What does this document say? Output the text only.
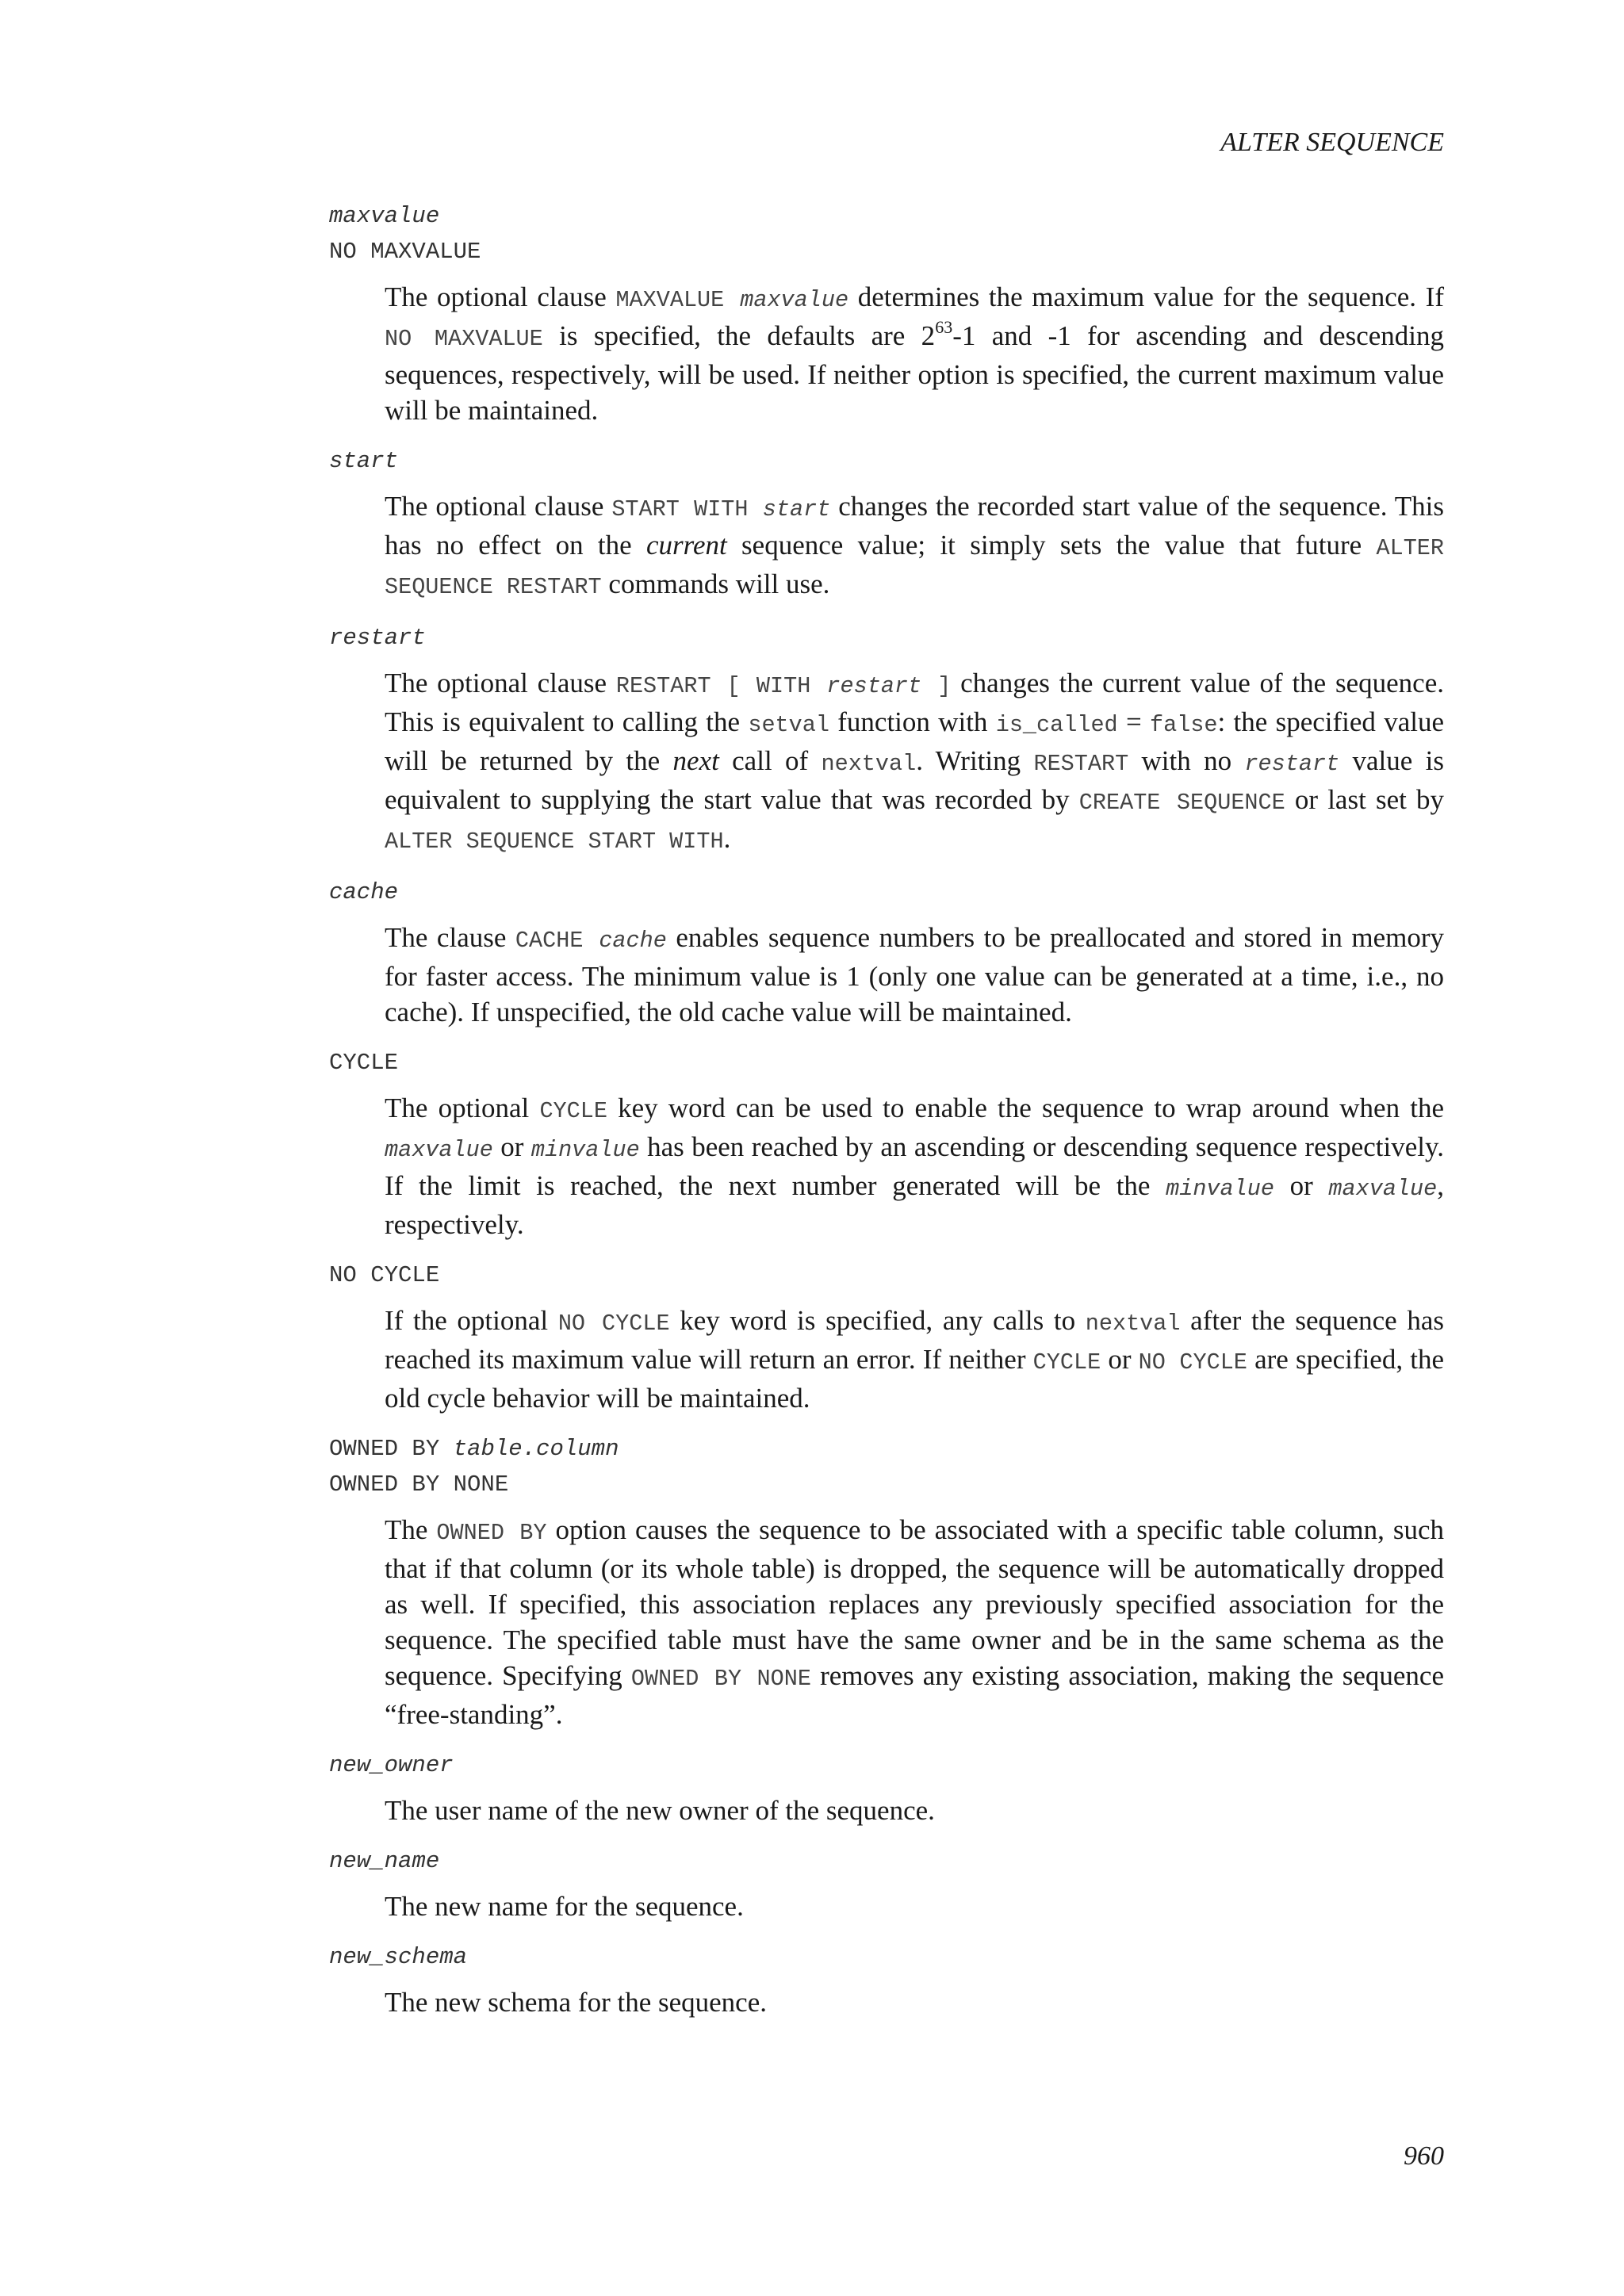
ALTER SEQUENCE
maxvalue
NO MAXVALUE
The optional clause MAXVALUE maxvalue determines the maximum value for the sequence. If NO MAXVALUE is specified, the defaults are $2^{63}-1$ and -1 for ascending and descending sequences, respectively, will be used. If neither option is specified, the current maximum value will be maintained.
start
The optional clause START WITH start changes the recorded start value of the sequence. This has no effect on the current sequence value; it simply sets the value that future ALTER SEQUENCE RESTART commands will use.
restart
The optional clause RESTART [ WITH restart ] changes the current value of the sequence. This is equivalent to calling the setval function with is_called = false: the specified value will be returned by the next call of nextval. Writing RESTART with no restart value is equivalent to supplying the start value that was recorded by CREATE SEQUENCE or last set by ALTER SEQUENCE START WITH.
cache
The clause CACHE cache enables sequence numbers to be preallocated and stored in memory for faster access. The minimum value is 1 (only one value can be generated at a time, i.e., no cache). If unspecified, the old cache value will be maintained.
CYCLE
The optional CYCLE key word can be used to enable the sequence to wrap around when the maxvalue or minvalue has been reached by an ascending or descending sequence respectively. If the limit is reached, the next number generated will be the minvalue or maxvalue, respectively.
NO CYCLE
If the optional NO CYCLE key word is specified, any calls to nextval after the sequence has reached its maximum value will return an error. If neither CYCLE or NO CYCLE are specified, the old cycle behavior will be maintained.
OWNED BY table.column
OWNED BY NONE
The OWNED BY option causes the sequence to be associated with a specific table column, such that if that column (or its whole table) is dropped, the sequence will be automatically dropped as well. If specified, this association replaces any previously specified association for the sequence. The specified table must have the same owner and be in the same schema as the sequence. Specifying OWNED BY NONE removes any existing association, making the sequence “free-standing”.
new_owner
The user name of the new owner of the sequence.
new_name
The new name for the sequence.
new_schema
The new schema for the sequence.
960
